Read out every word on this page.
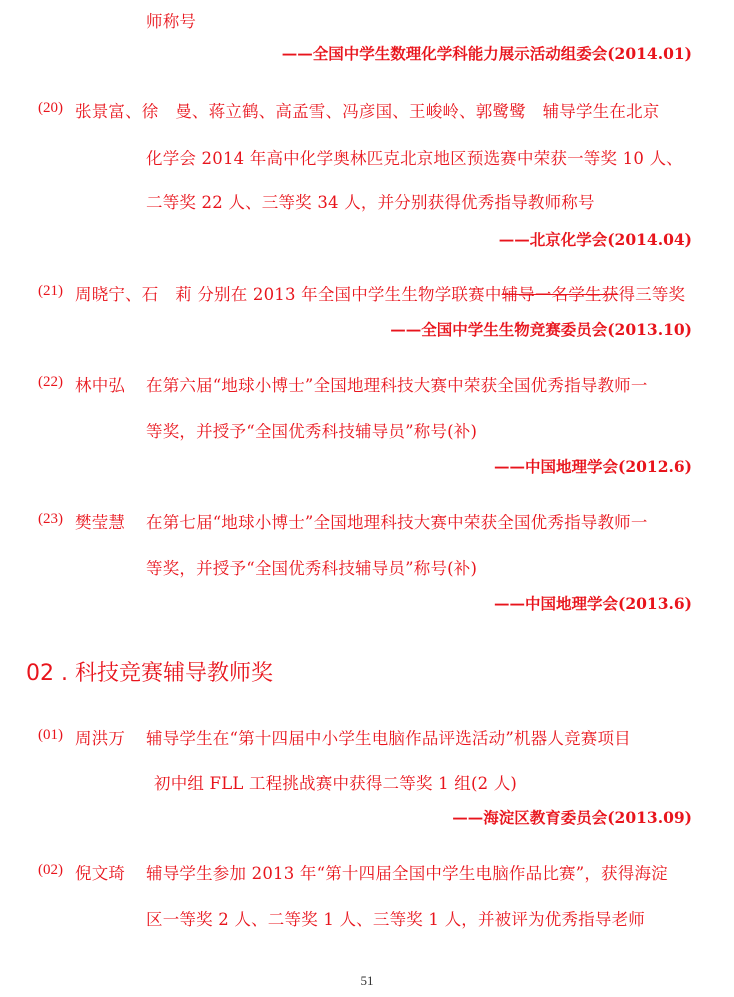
师称号
——全国中学生数理化学科能力展示活动组委会(2014.01)
(20) 张景富、徐　曼、蒋立鹤、高孟雪、冯彦国、王峻岭、郭鹭鹭　辅导学生在北京
化学会 2014 年高中化学奥林匹克北京地区预选赛中荣获一等奖 10 人、
二等奖 22 人、三等奖 34 人，并分别获得优秀指导教师称号
——北京化学会(2014.04)
(21) 周晓宁、石　莉 分别在 2013 年全国中学生生物学联赛中辅导一名学生获得三等奖
——全国中学生生物竞赛委员会(2013.10)
(22) 林中弘 在第六届“地球小博士”全国地理科技大赛中荣获全国优秀指导教师一
等奖，并授予“全国优秀科技辅导员”称号(补)
——中国地理学会(2012.6)
(23) 樊莹慧 在第七届“地球小博士”全国地理科技大赛中荣获全国优秀指导教师一
等奖，并授予“全国优秀科技辅导员”称号(补)
——中国地理学会(2013.6)
02 . 科技竞赛辅导教师奖
(01) 周洪万 辅导学生在“第十四届中小学生电脑作品评选活动”机器人竞赛项目
初中组 FLL 工程挑战赛中获得二等奖 1 组(2 人)
——海淀区教育委员会(2013.09)
(02) 倪文琦 辅导学生参加 2013 年“第十四届全国中学生电脑作品比赛”，获得海淀
区一等奖 2 人、二等奖 1 人、三等奖 1 人，并被评为优秀指导老师
51
